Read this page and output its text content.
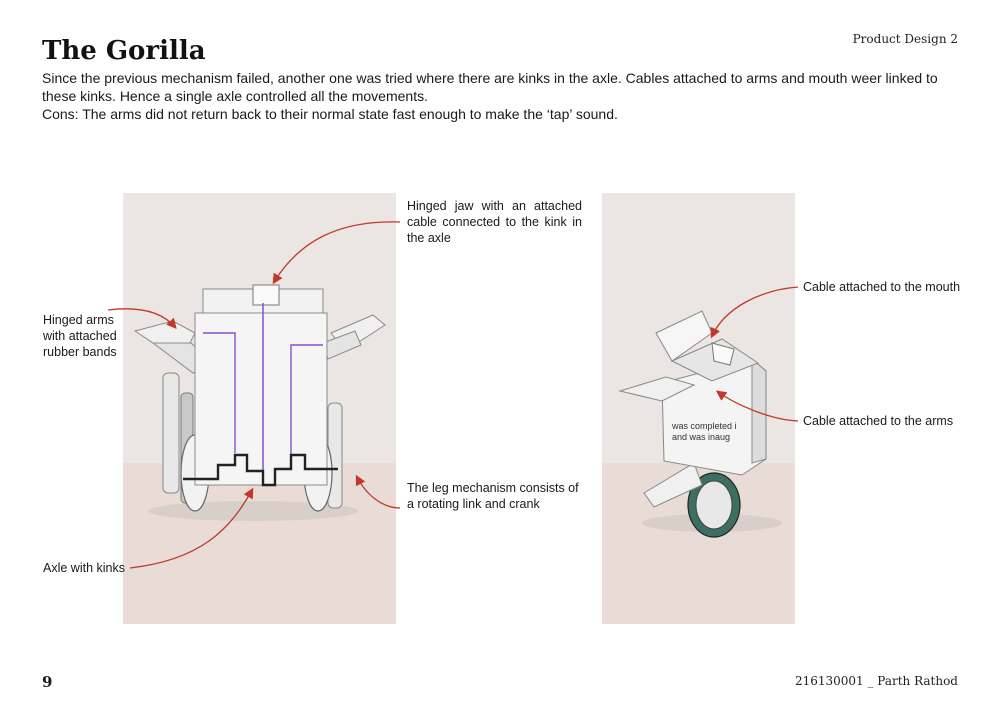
Product Design 2
The Gorilla

Since the previous mechanism failed, another one was tried where there are kinks in the axle. Cables attached to arms and mouth weer linked to these kinks. Hence a single axle controlled all the movements.

Cons: The arms did not return back to their normal state fast enough to make the ‘tap’ sound.

was completed i
and was inaug
Hinged jaw with an attached cable connected to the kink in the axle
Hinged arms with attached rubber bands
The leg mechanism consists of a rotating link and crank
Axle with kinks
Cable attached to the mouth
Cable attached to the arms
9	216130001 _ Parth Rathod
